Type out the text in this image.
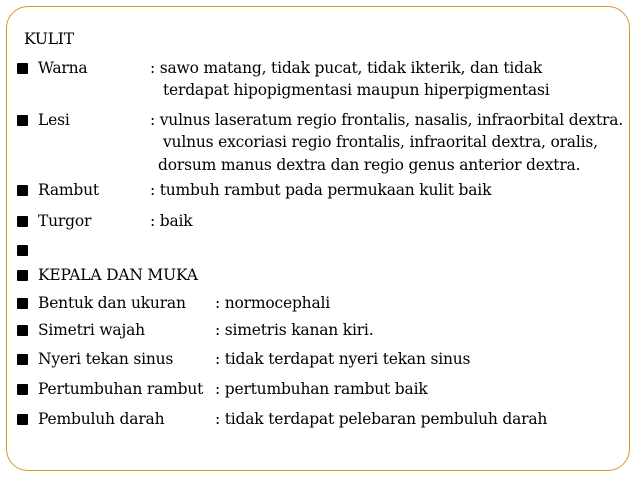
KULIT
Warna	: sawo matang, tidak pucat, tidak ikterik, dan tidak
terdapat hipopigmentasi maupun hiperpigmentasi
Lesi	: vulnus laseratum regio frontalis, nasalis, infraorbital dextra.
vulnus excoriasi regio frontalis, infraorital dextra, oralis,
dorsum manus dextra dan regio genus anterior dextra.
Rambut	: tumbuh rambut pada permukaan kulit baik
Turgor	: baik
KEPALA DAN MUKA
Bentuk dan ukuran : normocephali
Simetri wajah	: simetris kanan kiri.
Nyeri tekan sinus	: tidak terdapat nyeri tekan sinus
Pertumbuhan rambut : pertumbuhan rambut baik
Pembuluh darah	: tidak terdapat pelebaran pembuluh darah
